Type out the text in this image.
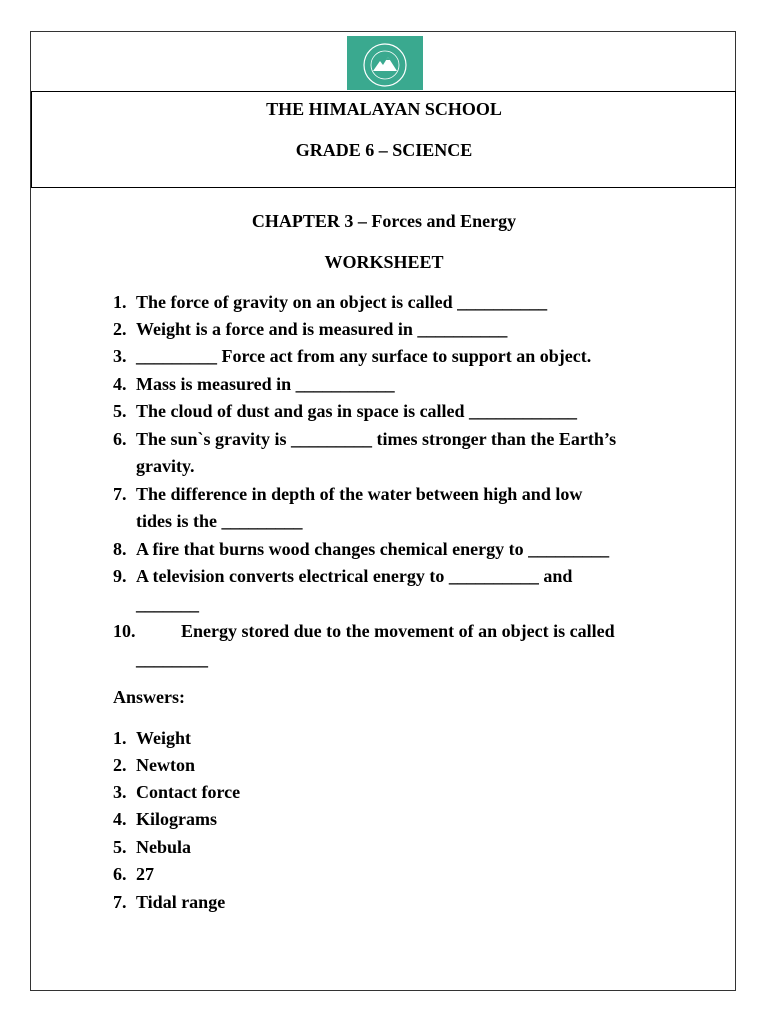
THE HIMALAYAN SCHOOL
GRADE 6 – SCIENCE
CHAPTER 3 – Forces and Energy
WORKSHEET
1. The force of gravity on an object is called __________
2. Weight is a force and is measured in __________
3. _________ Force act from any surface to support an object.
4. Mass is measured in ___________
5. The cloud of dust and gas in space is called ____________
6. The sun`s gravity is _________ times stronger than the Earth’s
gravity.
7. The difference in depth of the water between high and low
tides is the _________
8. A fire that burns wood changes chemical energy to _________
9. A television converts electrical energy to __________ and
_______
10.	Energy stored due to the movement of an object is called
________
Answers:
1. Weight
2. Newton
3. Contact force
4. Kilograms
5. Nebula
6. 27
7. Tidal range
